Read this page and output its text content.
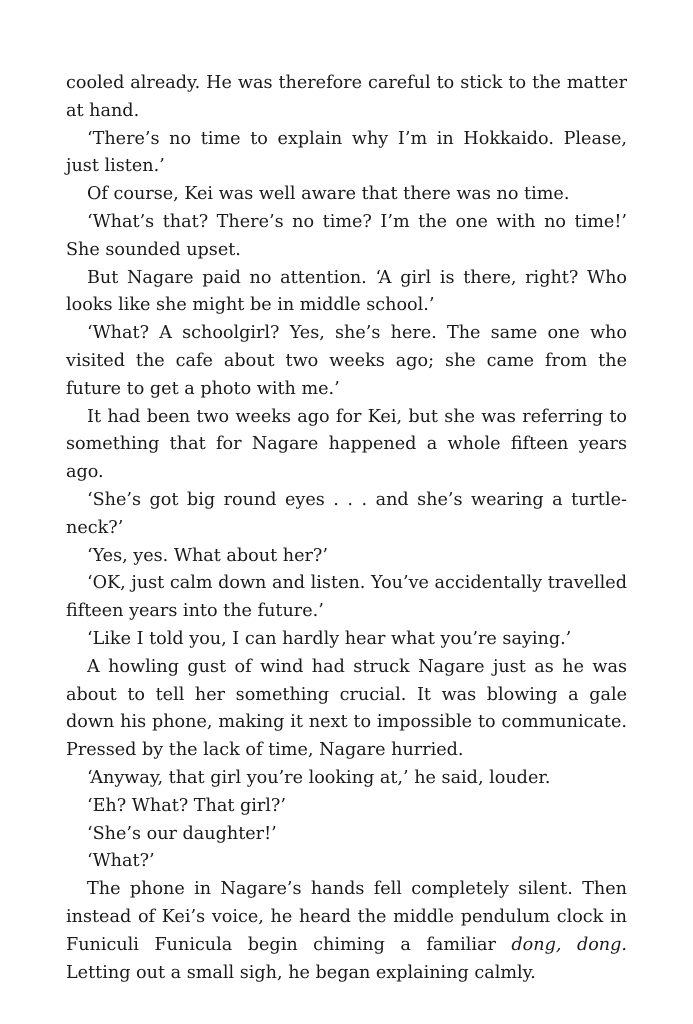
cooled already. He was therefore careful to stick to the matter at hand.

‘There’s no time to explain why I’m in Hokkaido. Please, just listen.’

Of course, Kei was well aware that there was no time.

‘What’s that? There’s no time? I’m the one with no time!’ She sounded upset.

But Nagare paid no attention. ‘A girl is there, right? Who looks like she might be in middle school.’

‘What? A schoolgirl? Yes, she’s here. The same one who visited the cafe about two weeks ago; she came from the future to get a photo with me.’

It had been two weeks ago for Kei, but she was referring to something that for Nagare happened a whole fifteen years ago.

‘She’s got big round eyes . . . and she’s wearing a turtle-neck?’

‘Yes, yes. What about her?’

‘OK, just calm down and listen. You’ve accidentally travelled fifteen years into the future.’

‘Like I told you, I can hardly hear what you’re saying.’

A howling gust of wind had struck Nagare just as he was about to tell her something crucial. It was blowing a gale down his phone, making it next to impossible to communicate. Pressed by the lack of time, Nagare hurried.

‘Anyway, that girl you’re looking at,’ he said, louder.

‘Eh? What? That girl?’

‘She’s our daughter!’

‘What?’

The phone in Nagare’s hands fell completely silent. Then instead of Kei’s voice, he heard the middle pendulum clock in Funiculi Funicula begin chiming a familiar dong, dong. Letting out a small sigh, he began explaining calmly.
